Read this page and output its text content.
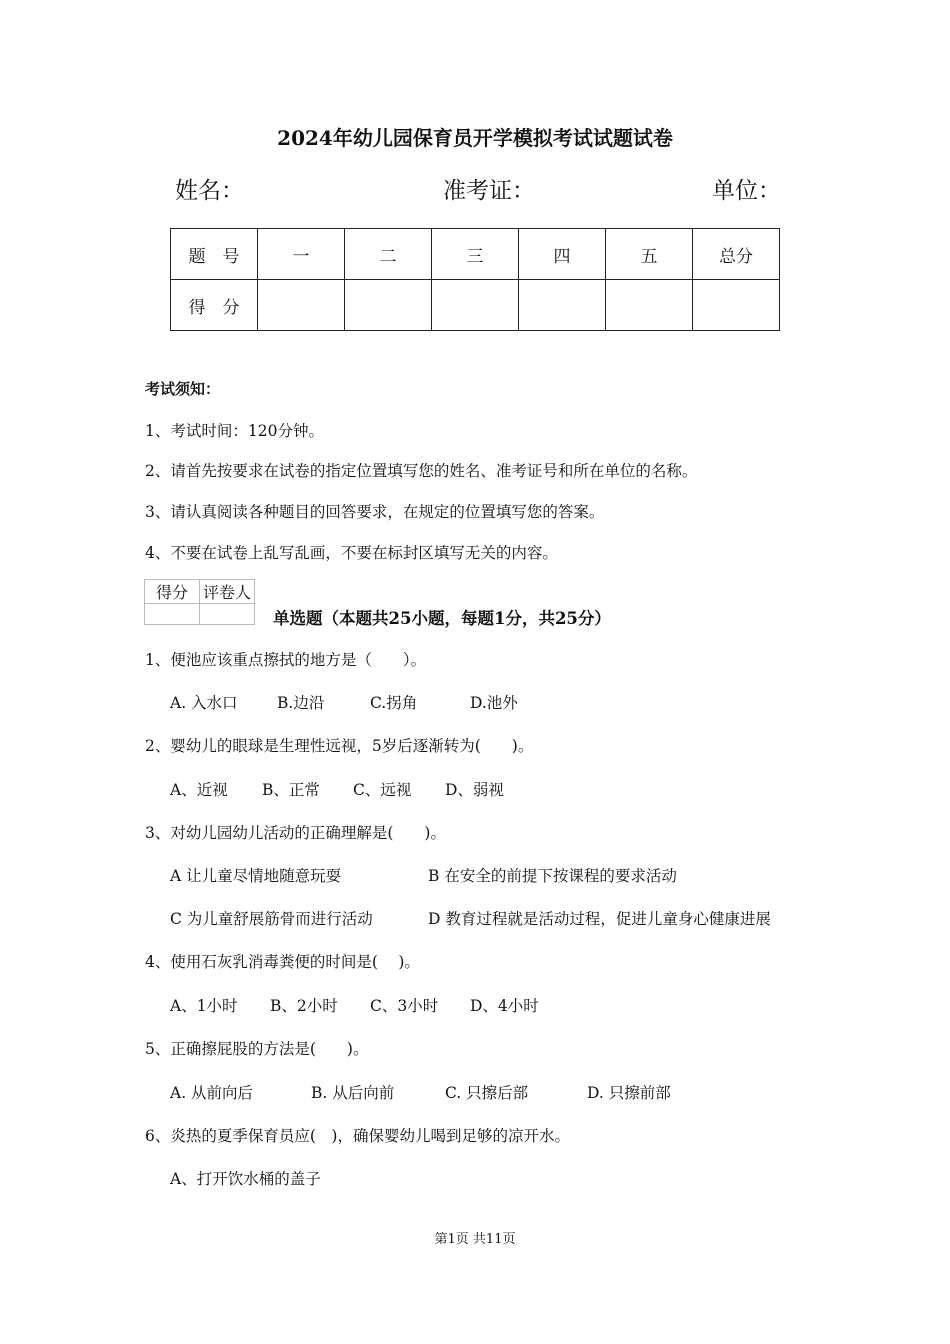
2024年幼儿园保育员开学模拟考试试题试卷
姓名：	准考证：	单位：
题　号	一	二	三	四	五	总分
得　分						
考试须知：
1、考试时间：120分钟。
2、请首先按要求在试卷的指定位置填写您的姓名、准考证号和所在单位的名称。
3、请认真阅读各种题目的回答要求，在规定的位置填写您的答案。
4、不要在试卷上乱写乱画，不要在标封区填写无关的内容。
得分	评卷人

单选题（本题共25小题，每题1分，共25分）
1、便池应该重点擦拭的地方是（　　）。
A. 入水口	B.边沿	C.拐角	D.池外
2、婴幼儿的眼球是生理性远视，5岁后逐渐转为(　　)。
A、近视 B、正常 C、远视 D、弱视
3、对幼儿园幼儿活动的正确理解是(　　)。
A 让儿童尽情地随意玩耍	B 在安全的前提下按课程的要求活动
C 为儿童舒展筋骨而进行活动	D 教育过程就是活动过程，促进儿童身心健康进展
4、使用石灰乳消毒粪便的时间是(　 )。
A、1小时 B、2小时 C、3小时 D、4小时
5、正确擦屁股的方法是(　　)。
A. 从前向后	B. 从后向前	C. 只擦后部	D. 只擦前部
6、炎热的夏季保育员应(　)，确保婴幼儿喝到足够的凉开水。
A、打开饮水桶的盖子
第1页 共11页
